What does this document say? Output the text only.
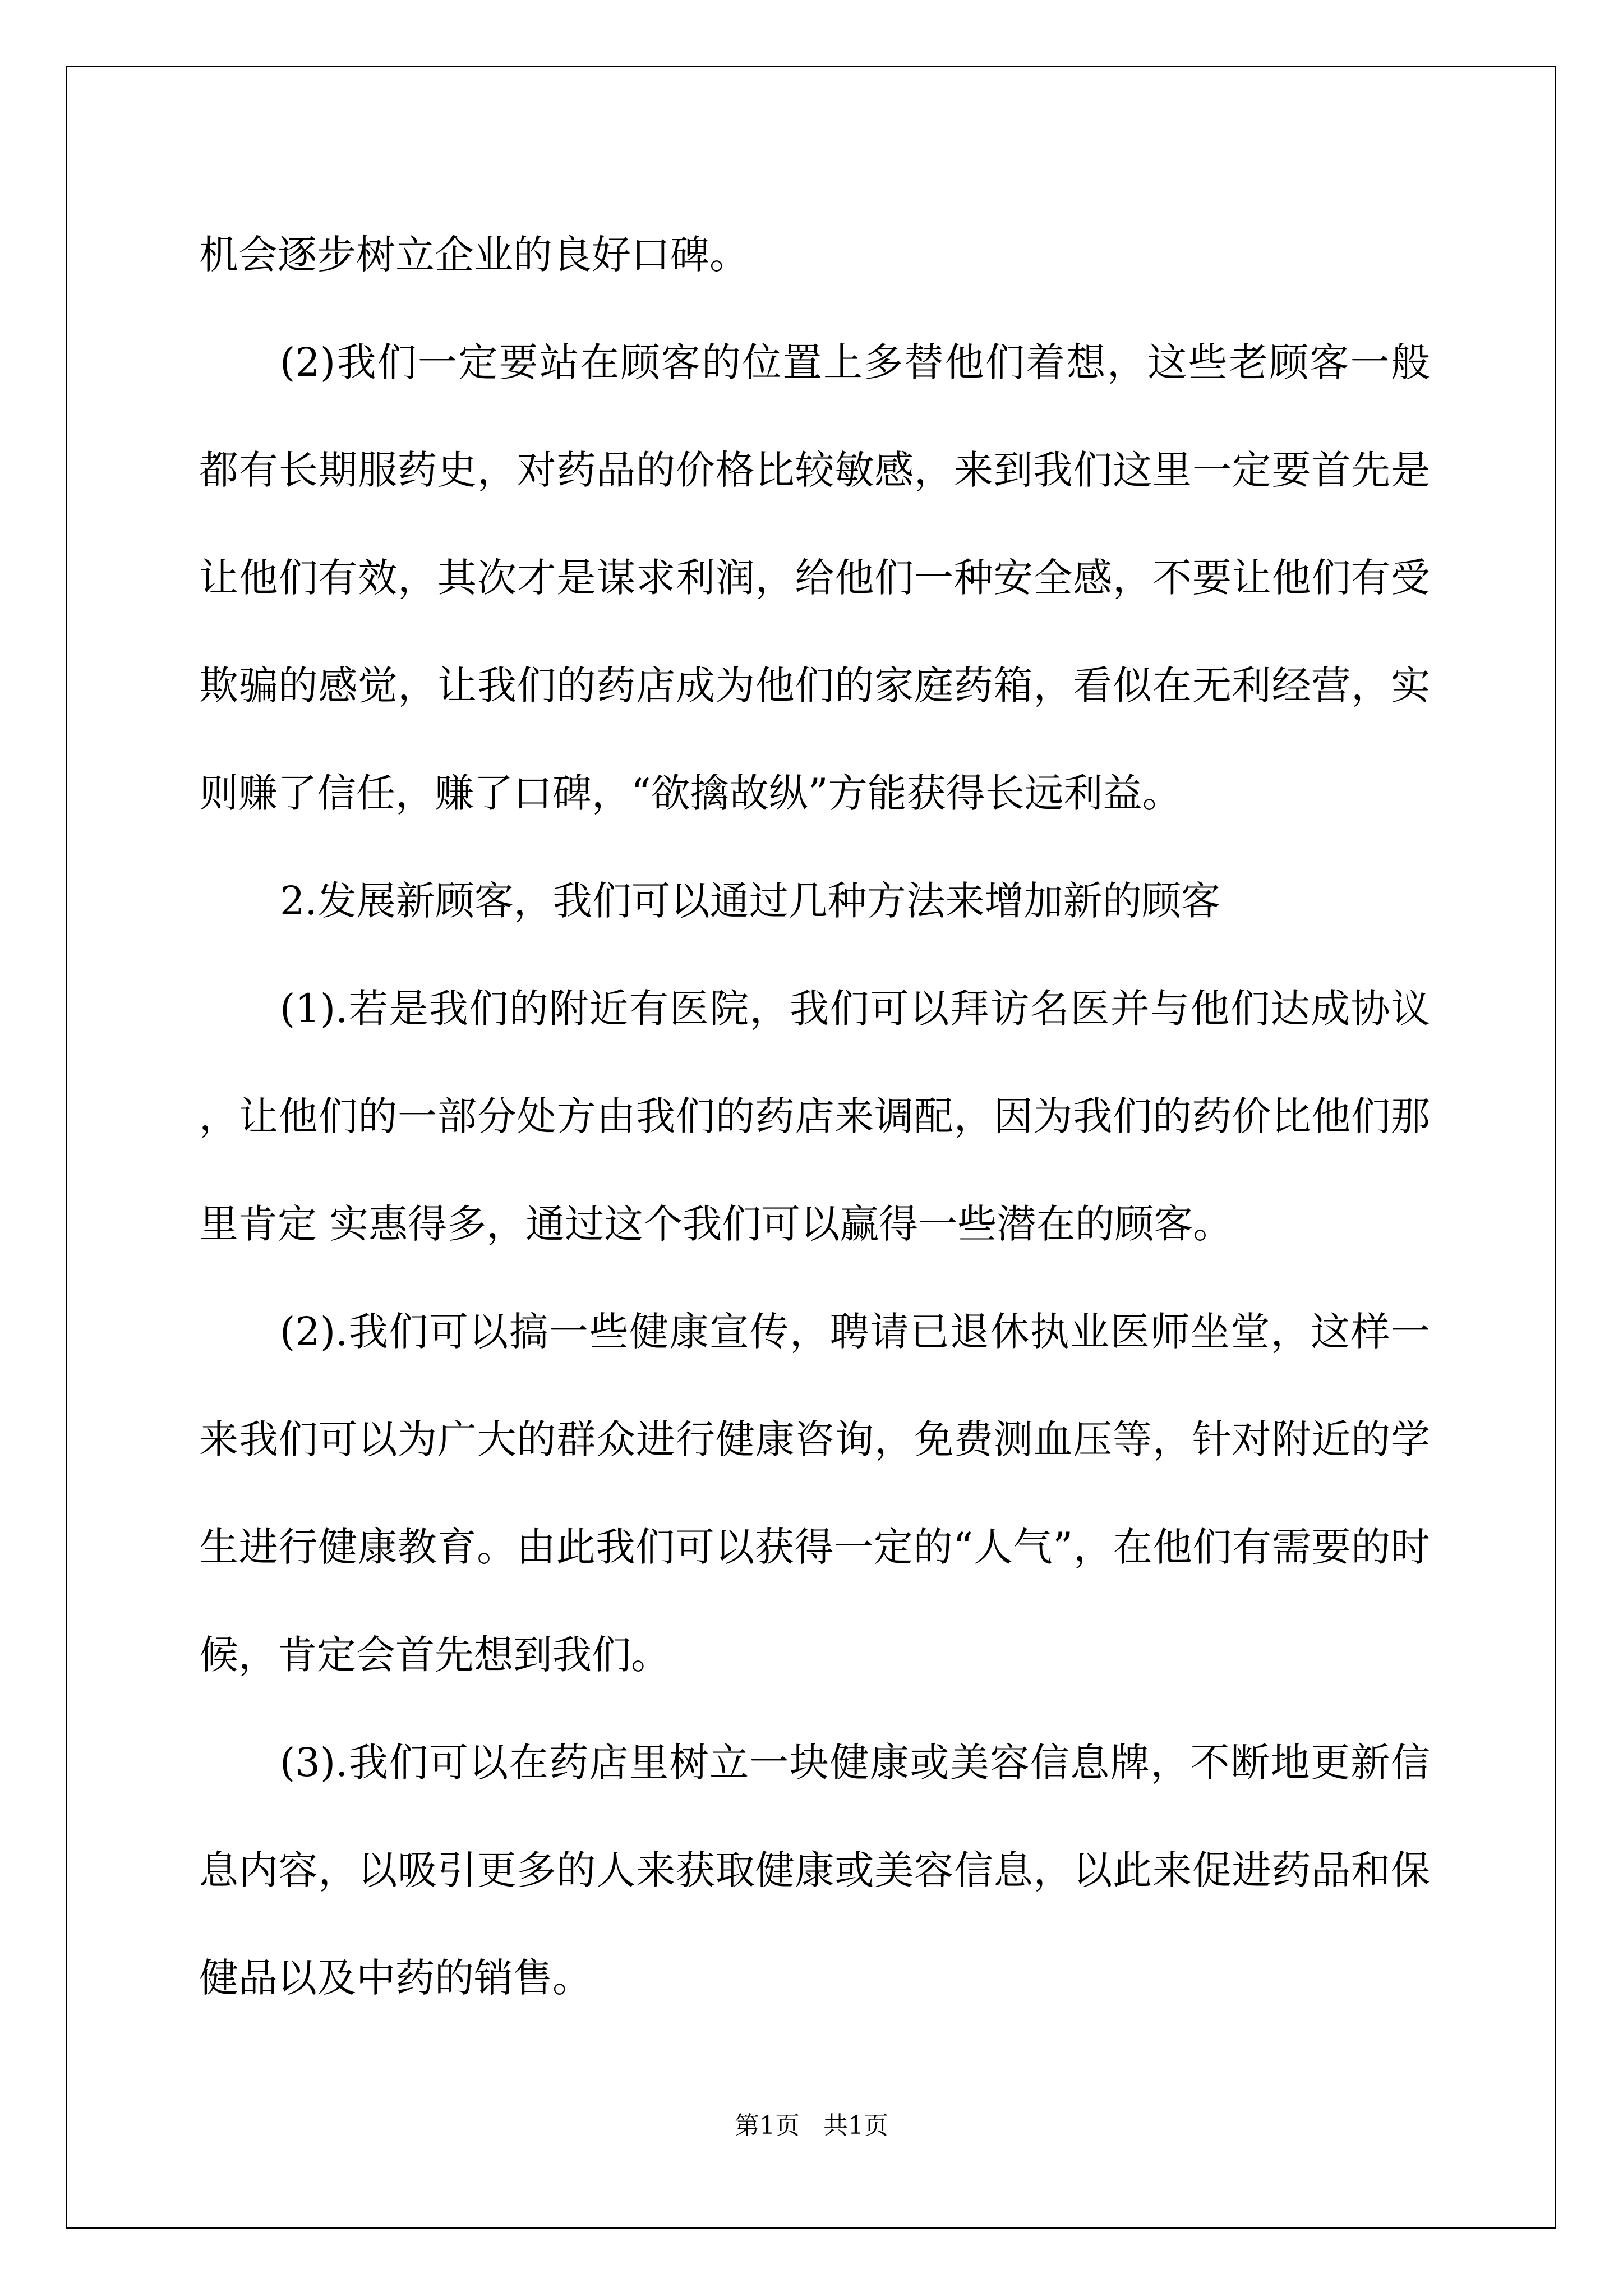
机会逐步树立企业的良好口碑。

(2)我们一定要站在顾客的位置上多替他们着想，这些老顾客一般都有长期服药史，对药品的价格比较敏感，来到我们这里一定要首先是让他们有效，其次才是谋求利润，给他们一种安全感，不要让他们有受欺骗的感觉，让我们的药店成为他们的家庭药箱，看似在无利经营，实则赚了信任，赚了口碑，“欲擒故纵”方能获得长远利益。

2.发展新顾客，我们可以通过几种方法来增加新的顾客

(1).若是我们的附近有医院，我们可以拜访名医并与他们达成协议，让他们的一部分处方由我们的药店来调配，因为我们的药价比他们那里肯定 实惠得多，通过这个我们可以赢得一些潜在的顾客。

(2).我们可以搞一些健康宣传，聘请已退休执业医师坐堂，这样一来我们可以为广大的群众进行健康咨询，免费测血压等，针对附近的学生进行健康教育。由此我们可以获得一定的“人气”，在他们有需要的时候，肯定会首先想到我们。

(3).我们可以在药店里树立一块健康或美容信息牌，不断地更新信息内容，以吸引更多的人来获取健康或美容信息，以此来促进药品和保健品以及中药的销售。

第1页   共1页
